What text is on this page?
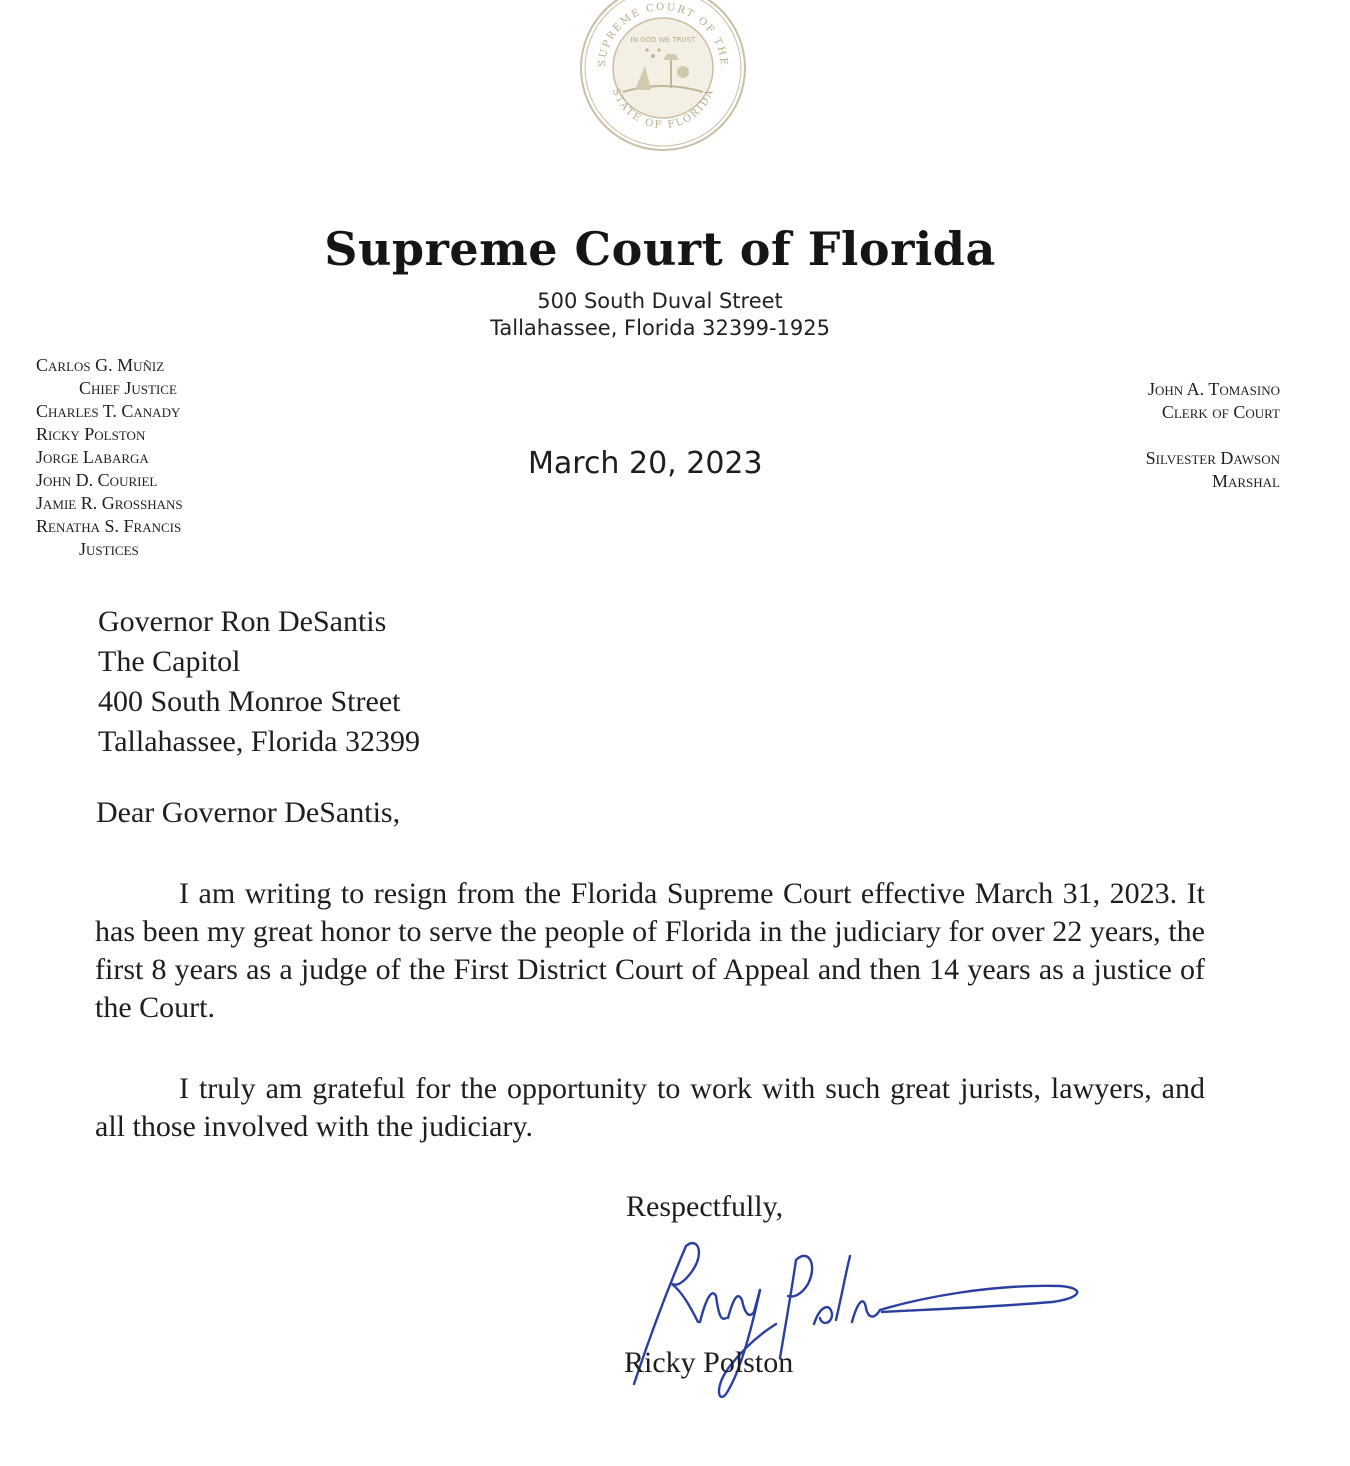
SUPREME COURT OF THE
STATE OF FLORIDA
IN GOD WE TRUST
Supreme Court of Florida
500 South Duval Street
Tallahassee, Florida 32399-1925
Carlos G. Muñiz
Chief Justice
Charles T. Canady
Ricky Polston
Jorge Labarga
John D. Couriel
Jamie R. Grosshans
Renatha S. Francis
Justices
John A. Tomasino
Clerk of Court
Silvester Dawson
Marshal
March 20, 2023
Governor Ron DeSantis
The Capitol
400 South Monroe Street
Tallahassee, Florida 32399
Dear Governor DeSantis,
I am writing to resign from the Florida Supreme Court effective March 31, 2023. It has been my great honor to serve the people of Florida in the judiciary for over 22 years, the first 8 years as a judge of the First District Court of Appeal and then 14 years as a justice of the Court.
I truly am grateful for the opportunity to work with such great jurists, lawyers, and all those involved with the judiciary.
Respectfully,
Ricky Polston
